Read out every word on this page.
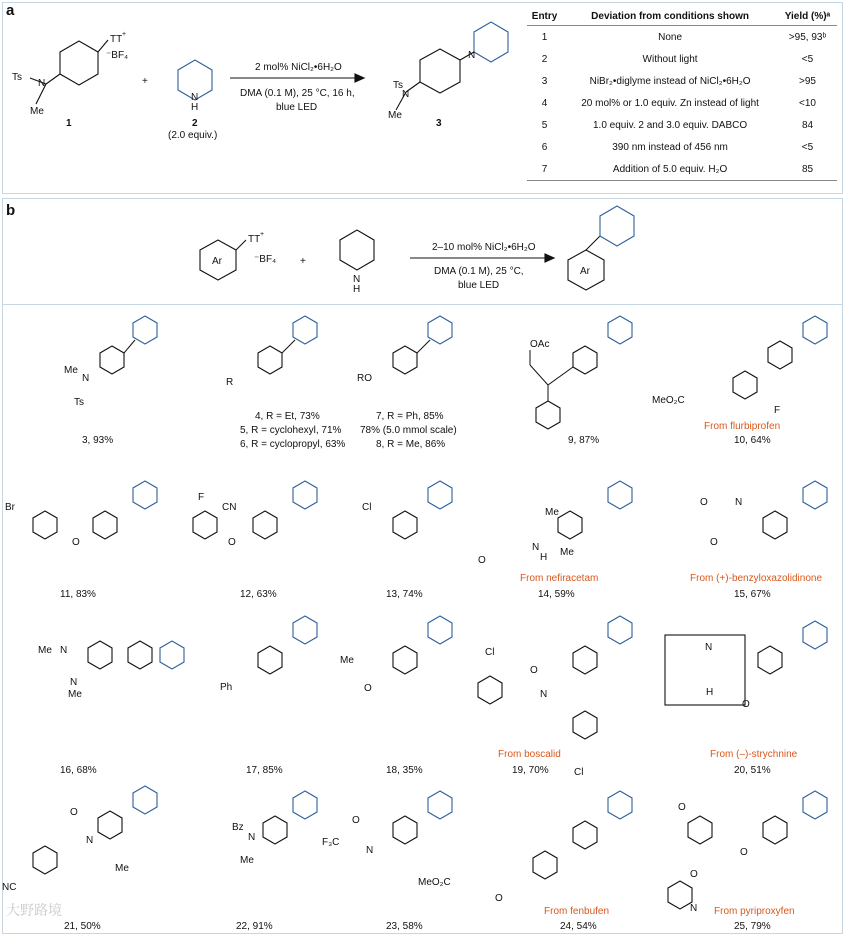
a
TT +
⁻BF₄
Ts
N
Me
+
H
N
Ts
N
Me
N
1	2
(2.0 equiv.)
3
2 mol% NiCl₂•6H₂O
DMA (0.1 M), 25 °C, 16 h,
blue LED
Entry	Deviation from conditions shown	Yield (%)ᵃ
1	None	>95, 93ᵇ
2	Without light	<5
3	NiBr₂•diglyme instead of NiCl₂•6H₂O	>95
4	20 mol% or 1.0 equiv. Zn instead of light	<10
5	1.0 equiv. 2 and 3.0 equiv. DABCO	84
6	390 nm instead of 456 nm	<5
7	Addition of 5.0 equiv. H₂O	85
b
Ar
TT +
⁻BF₄ +
N
H
Ar
2–10 mol% NiCl₂•6H₂O
DMA (0.1 M), 25 °C,
blue LED
Me
N
Ts
R	RO
OAc
MeO₂C
F
Br
O
F
CN
O
Cl	Me
Me
N
H
O
O	N
O
Me N
N
Me
Ph
Me
O
Cl
O
N
Cl
N
O
H
NC
O
N
Me
Bz
N
Me
F₃C
O
N
MeO₂C
O
O
O
O
N
3, 93%
4, R = Et, 73%
5, R = cyclohexyl, 71%
6, R = cyclopropyl, 63%
7, R = Ph, 85%
78% (5.0 mmol scale)
8, R = Me, 86%	9, 87%
From flurbiprofen
10, 64%
11, 83%	12, 63%	13, 74%
From nefiracetam
14, 59%
From (+)-benzyloxazolidinone
15, 67%
16, 68%	17, 85%	18, 35%
From boscalid
19, 70%
From (–)-strychnine
20, 51%
21, 50%	22, 91%	23, 58%
From fenbufen
24, 54%
From pyriproxyfen
25, 79%
大野路境
